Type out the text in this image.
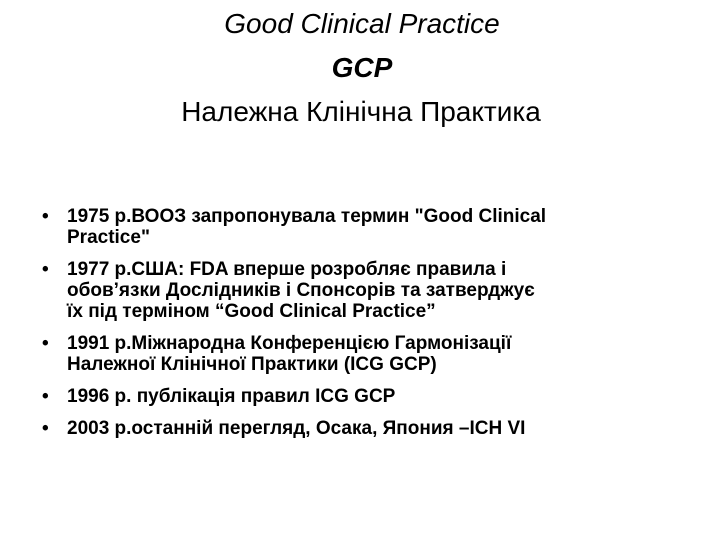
Good Clinical Practice
GCP
Належна Клінічна Практика
• 1975 р.ВООЗ запропонувала термин "Good Clinical
Practice"
• 1977 р.США: FDA вперше розробляє правила і
обовʼязки Дослідників і Спонсорів та затверджує
їх під терміном “Good Clinical Practice”
• 1991 р.Міжнародна Конференцією Гармонізації
Належної Клінічної Практики (ICG GCP)
• 1996 р. публікація правил ICG GCP
• 2003 р.останній перегляд, Осака, Япония –ICH VI
